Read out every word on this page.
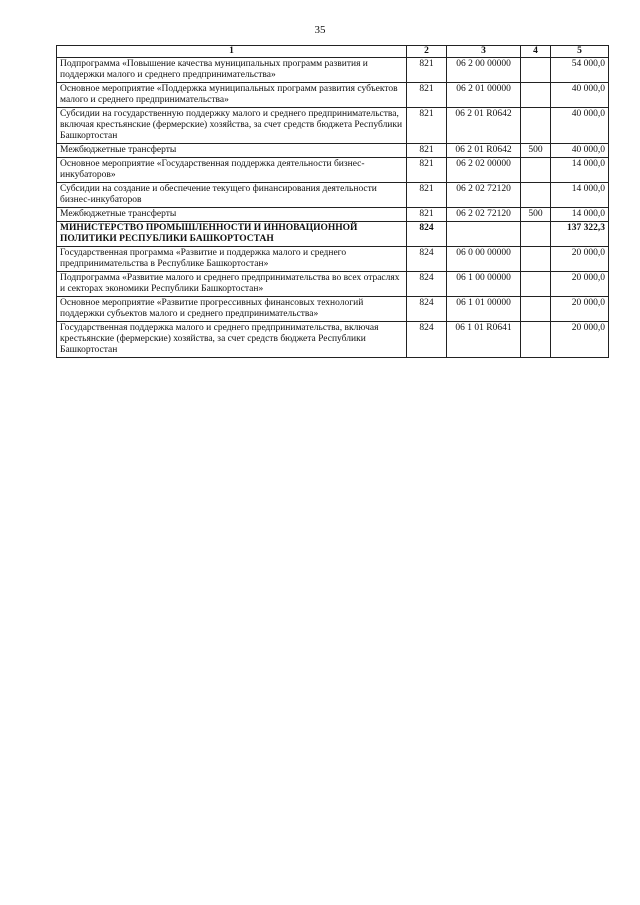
35
1	2	3	4	5
Подпрограмма «Повышение качества муниципальных программ развития и поддержки малого и среднего предпринимательства»	821	06 2 00 00000		54 000,0
Основное мероприятие «Поддержка муниципальных программ развития субъектов малого и среднего предпринимательства»	821	06 2 01 00000		40 000,0
Субсидии на государственную поддержку малого и среднего предпринимательства, включая крестьянские (фермерские) хозяйства, за счет средств бюджета Республики Башкортостан	821	06 2 01 R0642		40 000,0
Межбюджетные трансферты	821	06 2 01 R0642	500	40 000,0
Основное мероприятие «Государственная поддержка деятельности бизнес-инкубаторов»	821	06 2 02 00000		14 000,0
Субсидии на создание и обеспечение текущего финансирования деятельности бизнес-инкубаторов	821	06 2 02 72120		14 000,0
Межбюджетные трансферты	821	06 2 02 72120	500	14 000,0
МИНИСТЕРСТВО ПРОМЫШЛЕННОСТИ И ИННОВАЦИОННОЙ ПОЛИТИКИ РЕСПУБЛИКИ БАШКОРТОСТАН	824			137 322,3
Государственная программа «Развитие и поддержка малого и среднего предпринимательства в Республике Башкортостан»	824	06 0 00 00000		20 000,0
Подпрограмма «Развитие малого и среднего предпринимательства во всех отраслях и секторах экономики Республики Башкортостан»	824	06 1 00 00000		20 000,0
Основное мероприятие «Развитие прогрессивных финансовых технологий поддержки субъектов малого и среднего предпринимательства»	824	06 1 01 00000		20 000,0
Государственная поддержка малого и среднего предпринимательства, включая крестьянские (фермерские) хозяйства, за счет средств бюджета Республики Башкортостан	824	06 1 01 R0641		20 000,0
